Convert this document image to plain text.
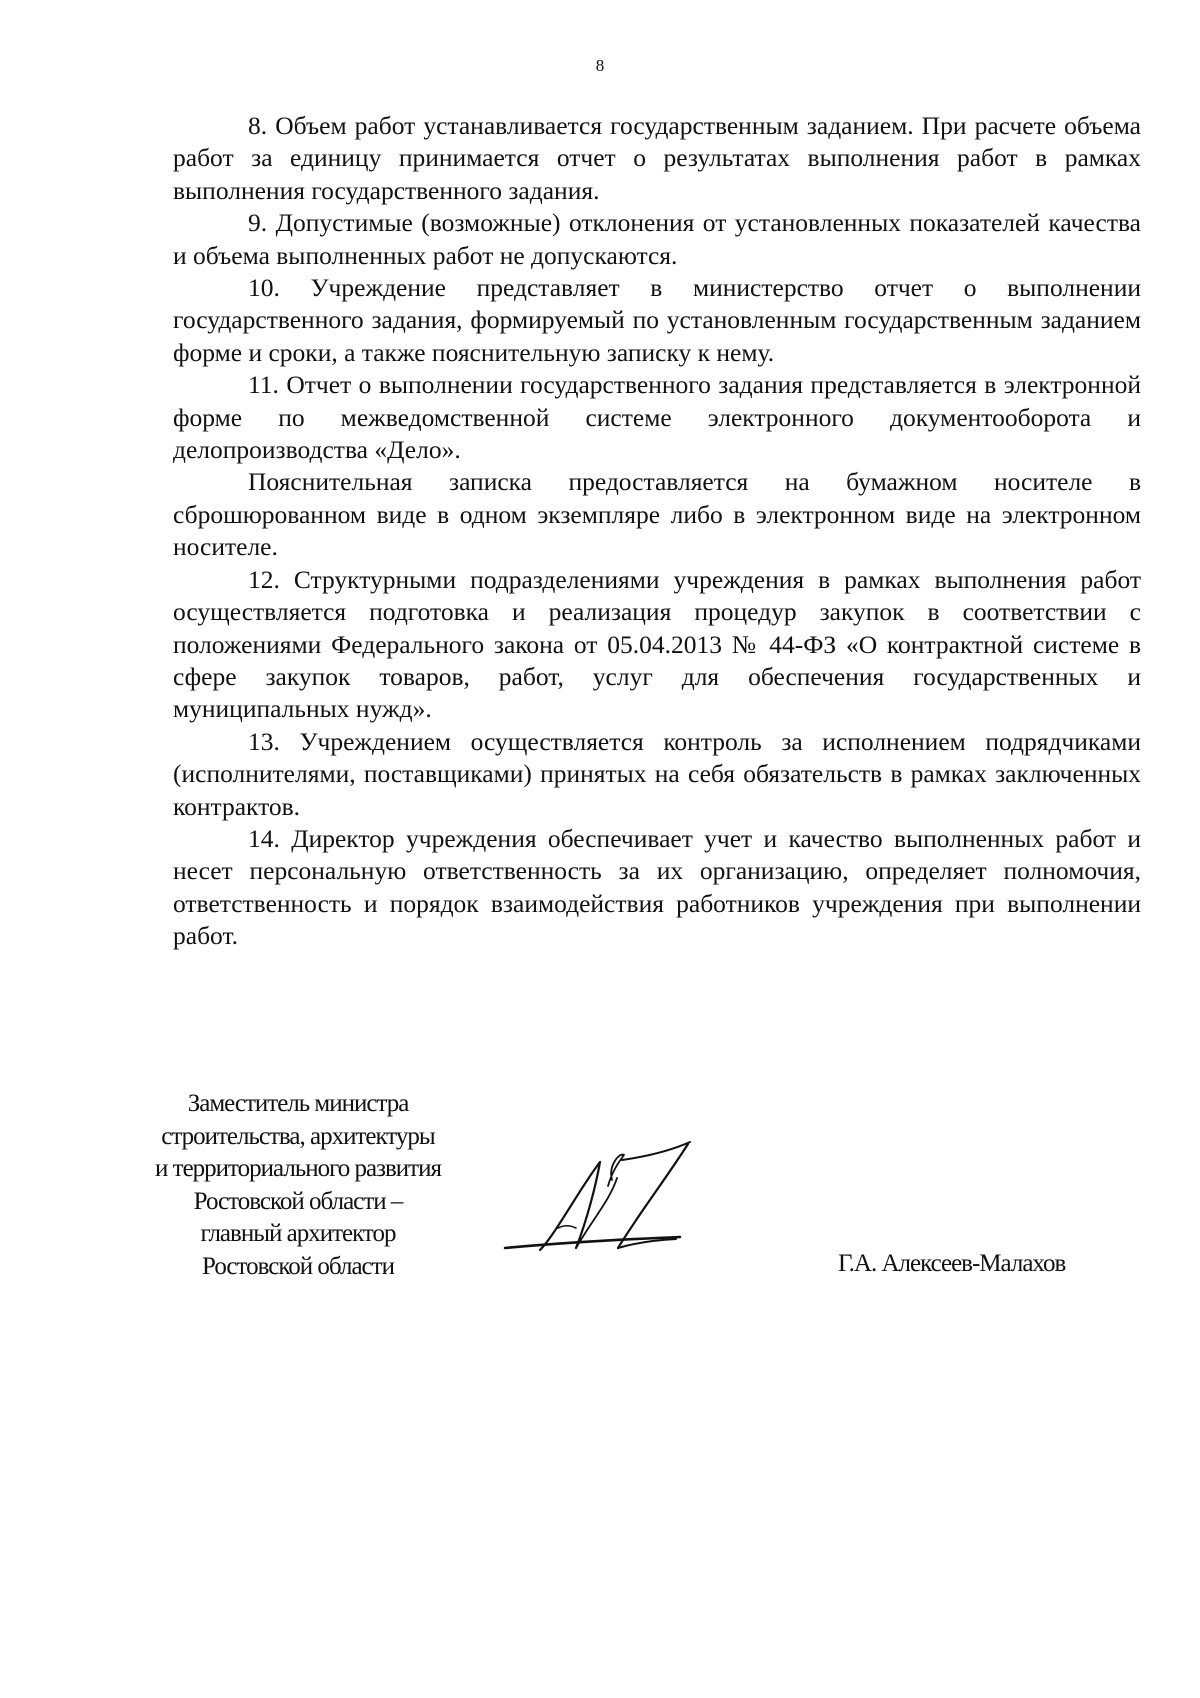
8

8. Объем работ устанавливается государственным заданием. При расчете объема работ за единицу принимается отчет о результатах выполнения работ в рамках выполнения государственного задания.

9. Допустимые (возможные) отклонения от установленных показателей качества и объема выполненных работ не допускаются.

10. Учреждение представляет в министерство отчет о выполнении государственного задания, формируемый по установленным государственным заданием форме и сроки, а также пояснительную записку к нему.

11. Отчет о выполнении государственного задания представляется в электронной форме по межведомственной системе электронного документооборота и делопроизводства «Дело».

Пояснительная записка предоставляется на бумажном носителе в сброшюрованном виде в одном экземпляре либо в электронном виде на электронном носителе.

12. Структурными подразделениями учреждения в рамках выполнения работ осуществляется подготовка и реализация процедур закупок в соответствии с положениями Федерального закона от 05.04.2013 № 44-ФЗ «О контрактной системе в сфере закупок товаров, работ, услуг для обеспечения государственных и муниципальных нужд».

13. Учреждением осуществляется контроль за исполнением подрядчиками (исполнителями, поставщиками) принятых на себя обязательств в рамках заключенных контрактов.

14. Директор учреждения обеспечивает учет и качество выполненных работ и несет персональную ответственность за их организацию, определяет полномочия, ответственность и порядок взаимодействия работников учреждения при выполнении работ.

Заместитель министра
строительства, архитектуры
и территориального развития
Ростовской области –
главный архитектор
Ростовской области	Г.А. Алексеев-Малахов
